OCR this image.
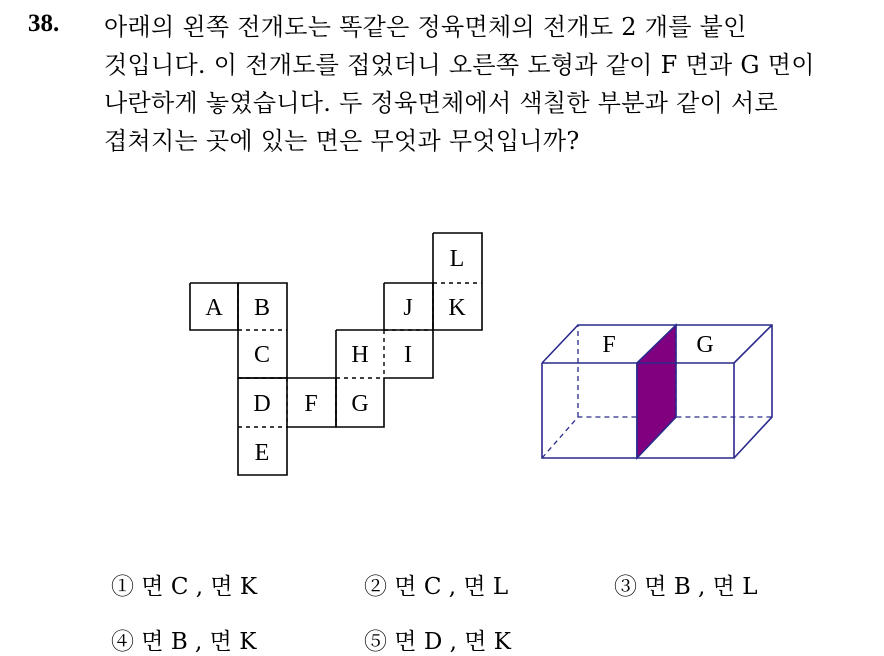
38. 아래의 왼쪽 전개도는 똑같은 정육면체의 전개도 2 개를 붙인
것입니다. 이 전개도를 접었더니 오른쪽 도형과 같이 F 면과 G 면이
나란하게 놓였습니다. 두 정육면체에서 색칠한 부분과 같이 서로
겹쳐지는 곳에 있는 면은 무엇과 무엇입니까?
A B
C
D
E
F G
H I
J K
L
F	G
① 면 C , 면 K	② 면 C , 면 L	③ 면 B , 면 L
④ 면 B , 면 K	⑤ 면 D , 면 K
